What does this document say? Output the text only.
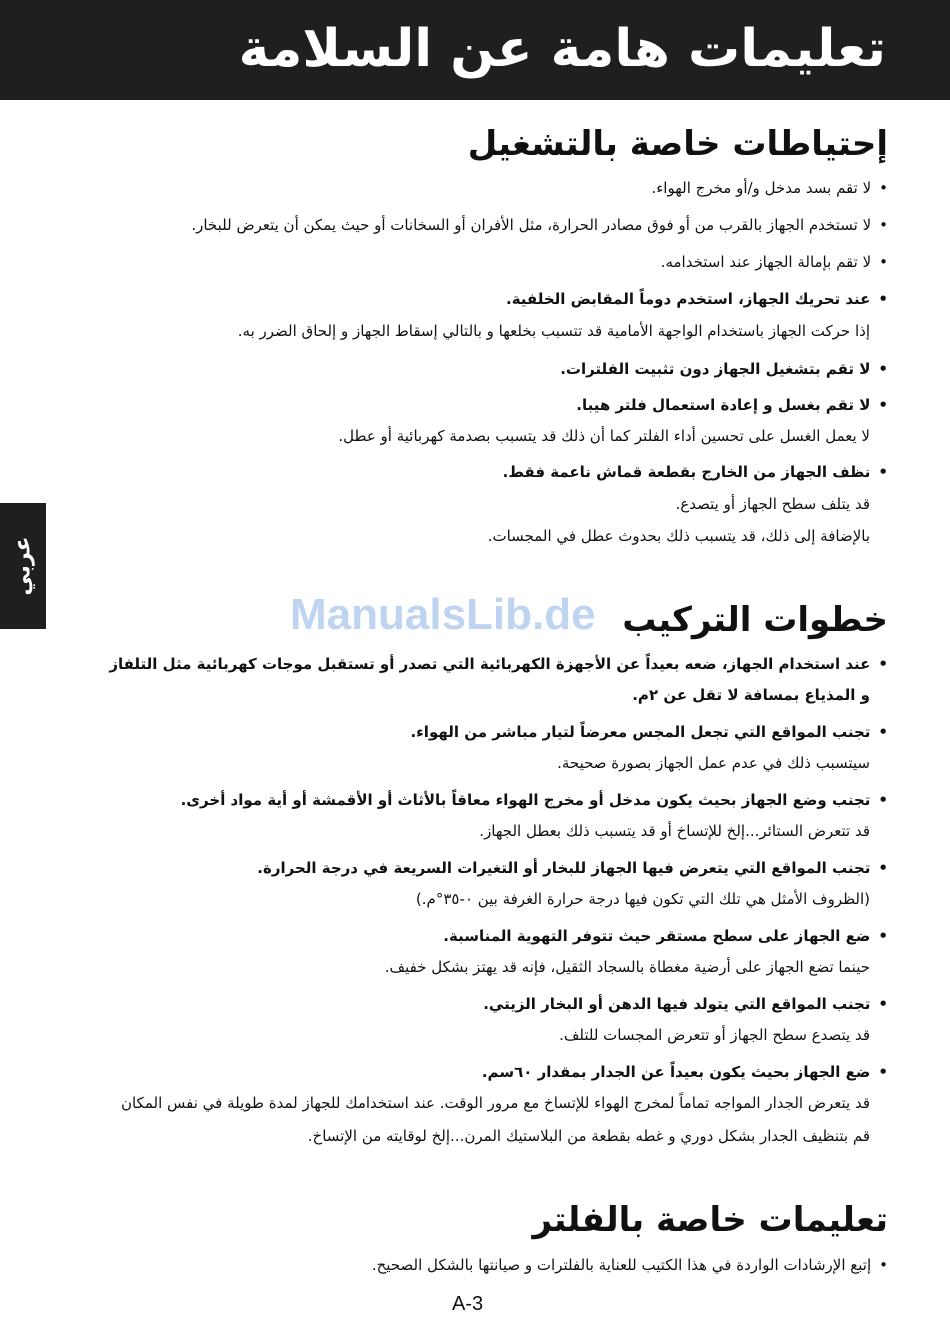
تعليمات هامة عن السلامة
عربي
إحتياطات خاصة بالتشغيل
•لا تقم بسد مدخل و/أو مخرج الهواء.
•لا تستخدم الجهاز بالقرب من أو فوق مصادر الحرارة، مثل الأفران أو السخانات أو حيث يمكن أن يتعرض للبخار.
•لا تقم بإمالة الجهاز عند استخدامه.
•عند تحريك الجهاز، استخدم دوماً المقابض الخلفية.
إذا حركت الجهاز باستخدام الواجهة الأمامية قد تتسبب بخلعها و بالتالي إسقاط الجهاز و إلحاق الضرر به.
•لا تقم بتشغيل الجهاز دون تثبيت الفلترات.
•لا تقم بغسل و إعادة استعمال فلتر هيبا.
لا يعمل الغسل على تحسين أداء الفلتر كما أن ذلك قد يتسبب بصدمة كهربائية أو عطل.
•نظف الجهاز من الخارج بقطعة قماش ناعمة فقط.
قد يتلف سطح الجهاز أو يتصدع.
بالإضافة إلى ذلك، قد يتسبب ذلك بحدوث عطل في المجسات.
ManualsLib.de خطوات التركيب
•عند استخدام الجهاز، ضعه بعيداً عن الأجهزة الكهربائية التي تصدر أو تستقبل موجات كهربائية مثل التلفاز
و المذياع بمسافة لا تقل عن ٢م.
•تجنب المواقع التي تجعل المجس معرضاً لتيار مباشر من الهواء.
سيتسبب ذلك في عدم عمل الجهاز بصورة صحيحة.
•تجنب وضع الجهاز بحيث يكون مدخل أو مخرج الهواء معاقاً بالأثاث أو الأقمشة أو أية مواد أخرى.
قد تتعرض الستائر...إلخ للإتساخ أو قد يتسبب ذلك بعطل الجهاز.
•تجنب المواقع التي يتعرض فيها الجهاز للبخار أو التغيرات السريعة في درجة الحرارة.
(الظروف الأمثل هي تلك التي تكون فيها درجة حرارة الغرفة بين ٠-٣٥°م.)
•ضع الجهاز على سطح مستقر حيث تتوفر التهوية المناسبة.
حينما تضع الجهاز على أرضية مغطاة بالسجاد الثقيل، فإنه قد يهتز بشكل خفيف.
•تجنب المواقع التي يتولد فيها الدهن أو البخار الزيتي.
قد يتصدع سطح الجهاز أو تتعرض المجسات للتلف.
•ضع الجهاز بحيث يكون بعيداً عن الجدار بمقدار ٦٠سم.
قد يتعرض الجدار المواجه تماماً لمخرج الهواء للإتساخ مع مرور الوقت. عند استخدامك للجهاز لمدة طويلة في نفس المكان
قم بتنظيف الجدار بشكل دوري و غطه بقطعة من البلاستيك المرن...إلخ لوقايته من الإتساخ.
تعليمات خاصة بالفلتر
•إتبع الإرشادات الواردة في هذا الكتيب للعناية بالفلترات و صيانتها بالشكل الصحيح.
A-3
